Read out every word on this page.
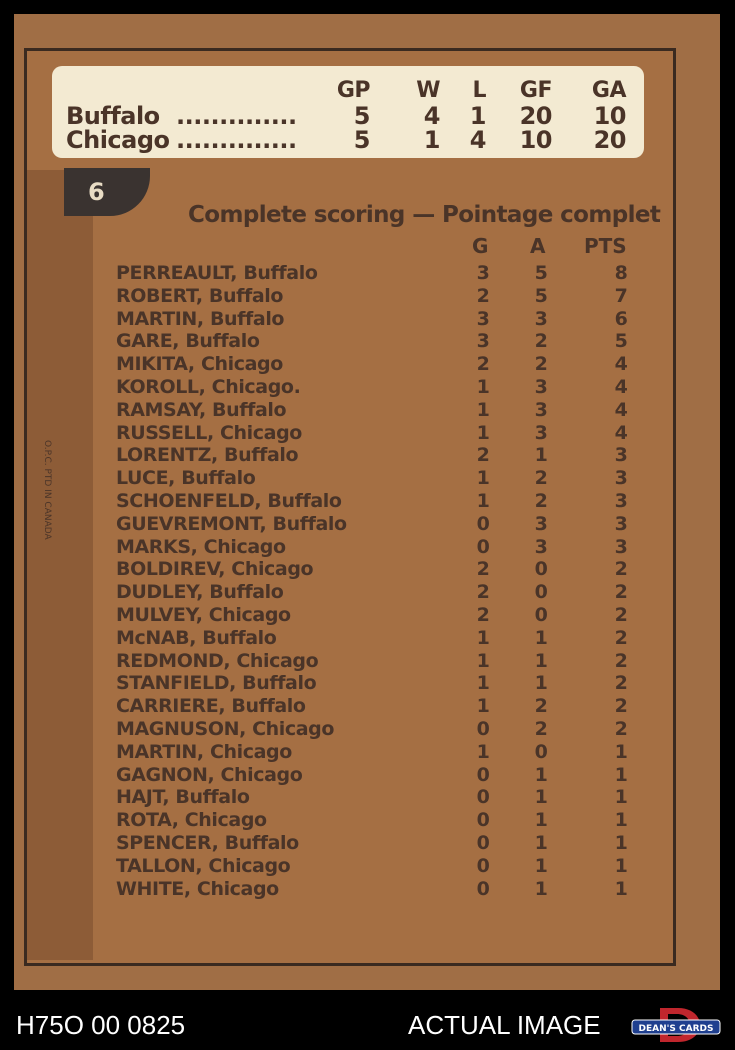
GP	W	L	GF GA
Buffalo ..............	5	4	1	20	10
Chicago ..............	5	1	4	10	20
6
Complete scoring — Pointage complet
G A PTS
PERREAULT, Buffalo	3 5	8
ROBERT, Buffalo	2 5	7
MARTIN, Buffalo	3 3	6
GARE, Buffalo	3 2	5
MIKITA, Chicago	2 2	4
KOROLL, Chicago.	1 3	4
RAMSAY, Buffalo	1 3	4
RUSSELL, Chicago	1 3	4
LORENTZ, Buffalo	2 1	3
LUCE, Buffalo	1 2	3
SCHOENFELD, Buffalo	1 2	3
GUEVREMONT, Buffalo	0 3	3
MARKS, Chicago	0 3	3
BOLDIREV, Chicago	2 0	2
DUDLEY, Buffalo	2 0	2
MULVEY, Chicago	2 0	2
McNAB, Buffalo	1 1	2
REDMOND, Chicago	1 1	2
STANFIELD, Buffalo	1 1	2
CARRIERE, Buffalo	1 2	2
MAGNUSON, Chicago	0 2	2
MARTIN, Chicago	1 0	1
GAGNON, Chicago	0 1	1
HAJT, Buffalo	0 1	1
ROTA, Chicago	0 1	1
SPENCER, Buffalo	0 1	1
TALLON, Chicago	0 1	1
WHITE, Chicago	0 1	1
O.P.C. PTD IN CANADA
H75O 00 0825	ACTUAL IMAGE	DEAN'S CARDS
